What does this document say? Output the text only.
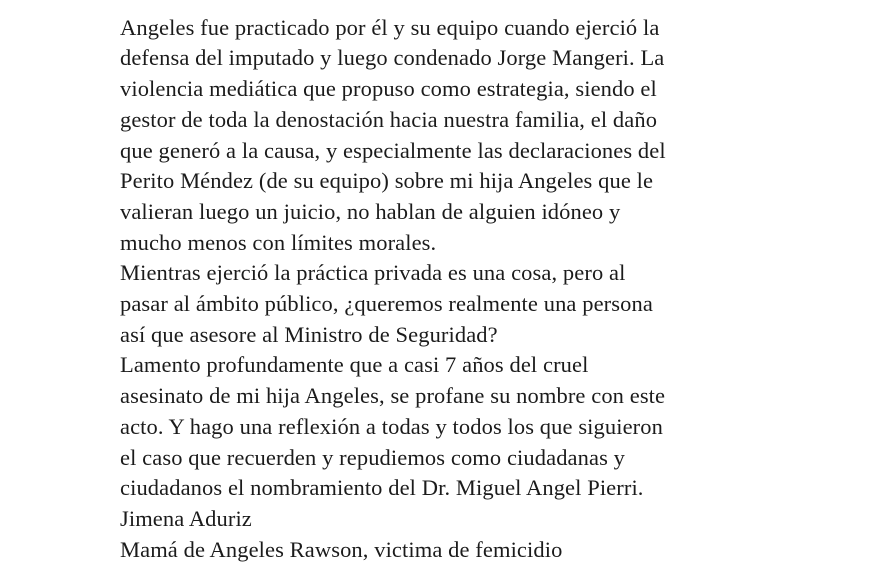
Angeles fue practicado por él y su equipo cuando ejerció la
defensa del imputado y luego condenado Jorge Mangeri. La
violencia mediática que propuso como estrategia, siendo el
gestor de toda la denostación hacia nuestra familia, el daño
que generó a la causa, y especialmente las declaraciones del
Perito Méndez (de su equipo) sobre mi hija Angeles que le
valieran luego un juicio, no hablan de alguien idóneo y
mucho menos con límites morales.
Mientras ejerció la práctica privada es una cosa, pero al
pasar al ámbito público, ¿queremos realmente una persona
así que asesore al Ministro de Seguridad?
Lamento profundamente que a casi 7 años del cruel
asesinato de mi hija Angeles, se profane su nombre con este
acto. Y hago una reflexión a todas y todos los que siguieron
el caso que recuerden y repudiemos como ciudadanas y
ciudadanos el nombramiento del Dr. Miguel Angel Pierri.
Jimena Aduriz
Mamá de Angeles Rawson, victima de femicidio
